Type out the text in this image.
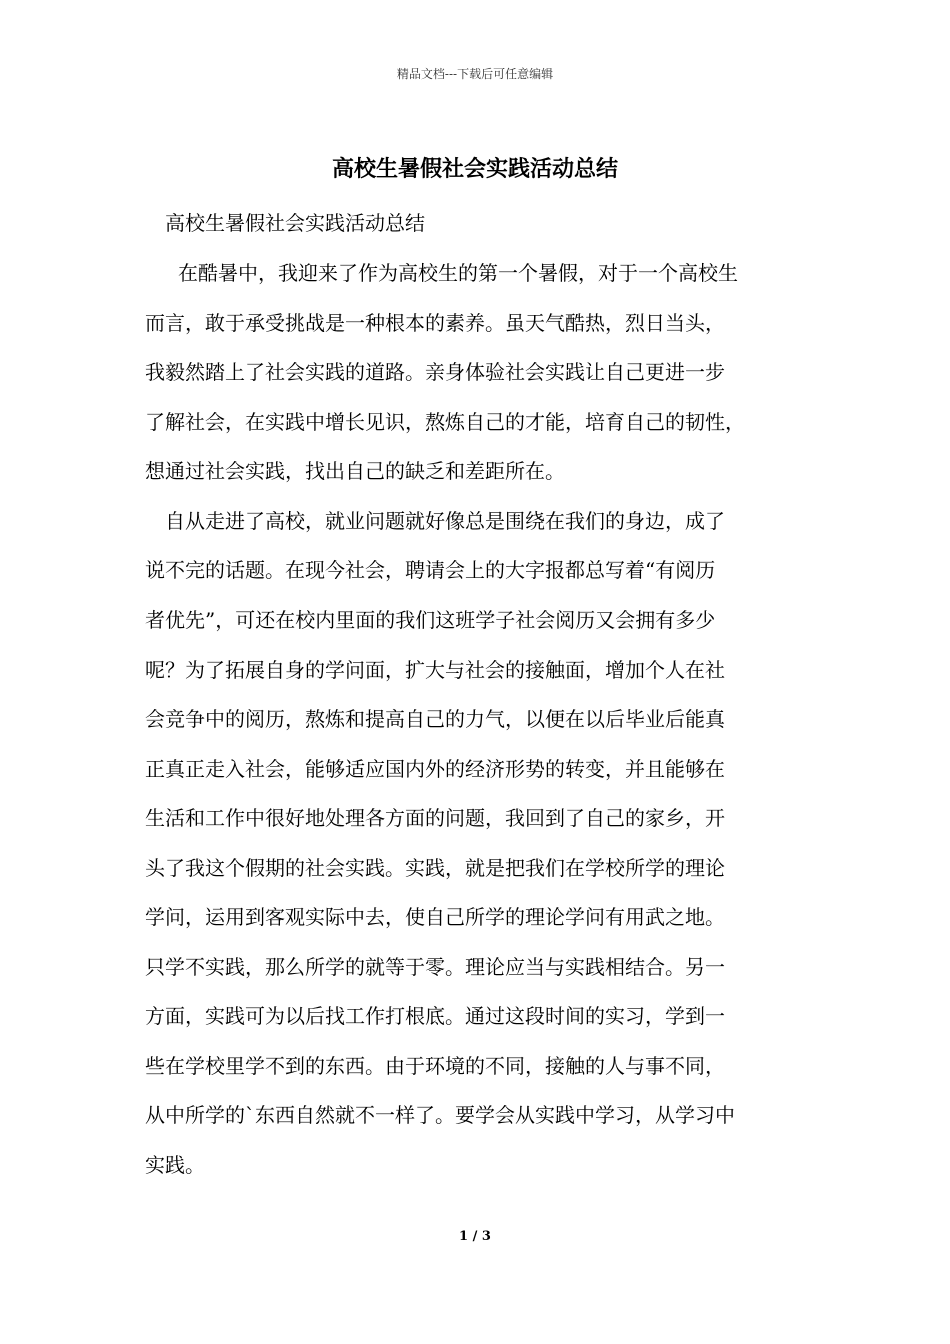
精品文档---下载后可任意编辑
高校生暑假社会实践活动总结

高校生暑假社会实践活动总结

在酷暑中，我迎来了作为高校生的第一个暑假，对于一个高校生

而言，敢于承受挑战是一种根本的素养。虽天气酷热，烈日当头，

我毅然踏上了社会实践的道路。亲身体验社会实践让自己更进一步

了解社会，在实践中增长见识，熬炼自己的才能，培育自己的韧性，

想通过社会实践，找出自己的缺乏和差距所在。

自从走进了高校，就业问题就好像总是围绕在我们的身边，成了

说不完的话题。在现今社会，聘请会上的大字报都总写着“有阅历

者优先”，可还在校内里面的我们这班学子社会阅历又会拥有多少

呢？为了拓展自身的学问面，扩大与社会的接触面，增加个人在社

会竞争中的阅历，熬炼和提高自己的力气，以便在以后毕业后能真

正真正走入社会，能够适应国内外的经济形势的转变，并且能够在

生活和工作中很好地处理各方面的问题，我回到了自己的家乡，开

头了我这个假期的社会实践。实践，就是把我们在学校所学的理论

学问，运用到客观实际中去，使自己所学的理论学问有用武之地。

只学不实践，那么所学的就等于零。理论应当与实践相结合。另一

方面，实践可为以后找工作打根底。通过这段时间的实习，学到一

些在学校里学不到的东西。由于环境的不同，接触的人与事不同，

从中所学的`东西自然就不一样了。要学会从实践中学习，从学习中

实践。

1 / 3
